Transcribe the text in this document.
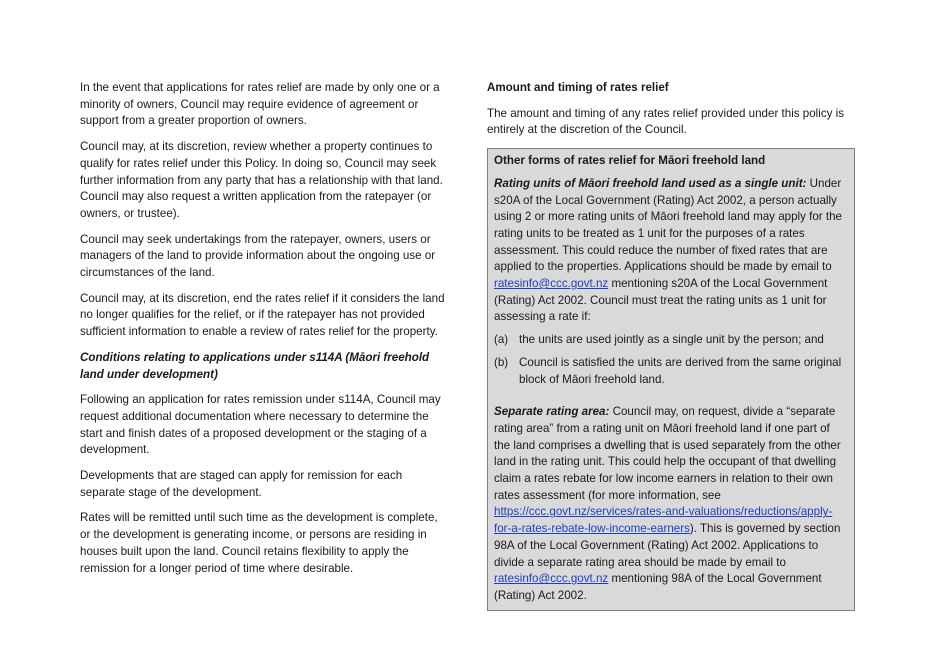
In the event that applications for rates relief are made by only one or a minority of owners, Council may require evidence of agreement or support from a greater proportion of owners.

Council may, at its discretion, review whether a property continues to qualify for rates relief under this Policy. In doing so, Council may seek further information from any party that has a relationship with that land. Council may also request a written application from the ratepayer (or owners, or trustee).

Council may seek undertakings from the ratepayer, owners, users or managers of the land to provide information about the ongoing use or circumstances of the land.

Council may, at its discretion, end the rates relief if it considers the land no longer qualifies for the relief, or if the ratepayer has not provided sufficient information to enable a review of rates relief for the property.

Conditions relating to applications under s114A (Māori freehold land under development)

Following an application for rates remission under s114A, Council may request additional documentation where necessary to determine the start and finish dates of a proposed development or the staging of a development.

Developments that are staged can apply for remission for each separate stage of the development.

Rates will be remitted until such time as the development is complete, or the development is generating income, or persons are residing in houses built upon the land. Council retains flexibility to apply the remission for a longer period of time where desirable.

Amount and timing of rates relief

The amount and timing of any rates relief provided under this policy is entirely at the discretion of the Council.

Other forms of rates relief for Māori freehold land

Rating units of Māori freehold land used as a single unit: Under s20A of the Local Government (Rating) Act 2002, a person actually using 2 or more rating units of Māori freehold land may apply for the rating units to be treated as 1 unit for the purposes of a rates assessment. This could reduce the number of fixed rates that are applied to the properties. Applications should be made by email to ratesinfo@ccc.govt.nz mentioning s20A of the Local Government (Rating) Act 2002. Council must treat the rating units as 1 unit for assessing a rate if:

(a) the units are used jointly as a single unit by the person; and
(b) Council is satisfied the units are derived from the same original block of Māori freehold land.

Separate rating area: Council may, on request, divide a “separate rating area” from a rating unit on Māori freehold land if one part of the land comprises a dwelling that is used separately from the other land in the rating unit. This could help the occupant of that dwelling claim a rates rebate for low income earners in relation to their own rates assessment (for more information, see https://ccc.govt.nz/services/rates-and-valuations/reductions/apply-for-a-rates-rebate-low-income-earners). This is governed by section 98A of the Local Government (Rating) Act 2002. Applications to divide a separate rating area should be made by email to ratesinfo@ccc.govt.nz mentioning 98A of the Local Government (Rating) Act 2002.
